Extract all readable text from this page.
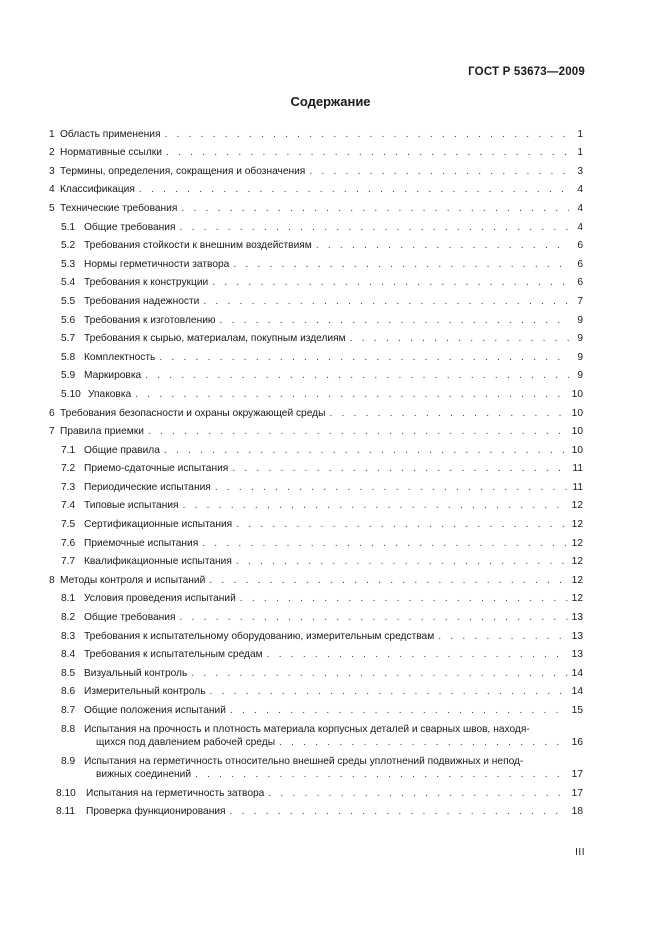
ГОСТ Р 53673—2009
Содержание
1 Область применения . . .	1
2 Нормативные ссылки . . .	1
3 Термины, определения, сокращения и обозначения . . .	3
4 Классификация . . .	4
5 Технические требования . . .	4
5.1 Общие требования . . .	4
5.2 Требования стойкости к внешним воздействиям . . .	6
5.3 Нормы герметичности затвора . . .	6
5.4 Требования к конструкции . . .	6
5.5 Требования надежности . . .	7
5.6 Требования к изготовлению . . .	9
5.7 Требования к сырью, материалам, покупным изделиям . . .	9
5.8 Комплектность . . .	9
5.9 Маркировка . . .	9
5.10 Упаковка . . .	10
6 Требования безопасности и охраны окружающей среды . . .	10
7 Правила приемки . . .	10
7.1 Общие правила . . .	10
7.2 Приемо-сдаточные испытания . . .	11
7.3 Периодические испытания . . .	11
7.4 Типовые испытания . . .	12
7.5 Сертификационные испытания . . .	12
7.6 Приемочные испытания . . .	12
7.7 Квалификационные испытания . . .	12
8 Методы контроля и испытаний . . .	12
8.1 Условия проведения испытаний . . .	12
8.2 Общие требования . . .	13
8.3 Требования к испытательному оборудованию, измерительным средствам . . .	13
8.4 Требования к испытательным средам . . .	13
8.5 Визуальный контроль . . .	14
8.6 Измерительный контроль . . .	14
8.7 Общие положения испытаний . . .	15
8.8 Испытания на прочность и плотность материала корпусных деталей и сварных швов, находя-
щихся под давлением рабочей среды . . .	16
8.9 Испытания на герметичность относительно внешней среды уплотнений подвижных и непод-
вижных соединений . . .	17
8.10 Испытания на герметичность затвора . . .	17
8.11	Проверка функционирования . . .	18
III
